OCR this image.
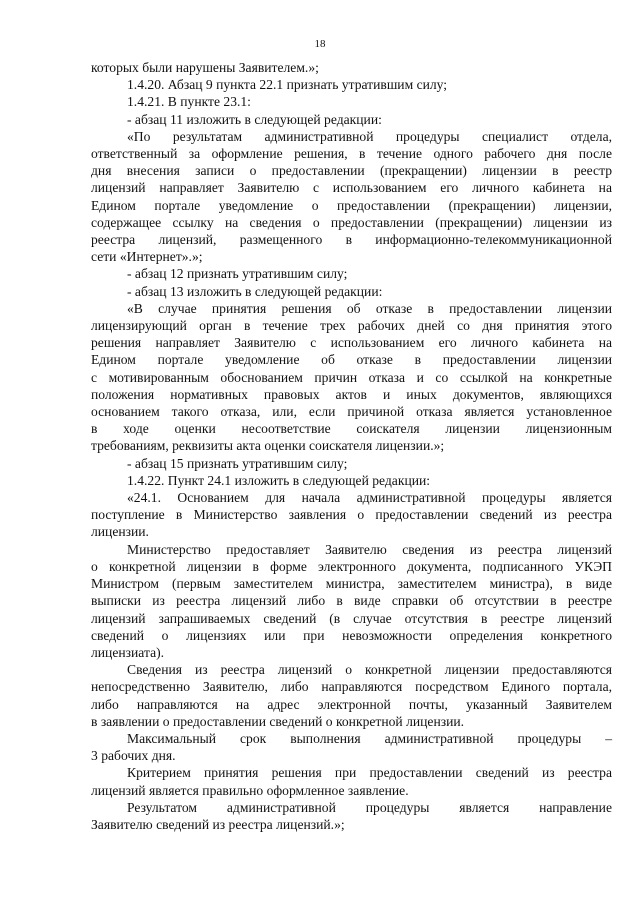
18

которых были нарушены Заявителем.»;

1.4.20. Абзац 9 пункта 22.1 признать утратившим силу;

1.4.21. В пункте 23.1:

- абзац 11 изложить в следующей редакции:

«По результатам административной процедуры специалист отдела,
ответственный за оформление решения, в течение одного рабочего дня после
дня внесения записи о предоставлении (прекращении) лицензии в реестр
лицензий направляет Заявителю с использованием его личного кабинета на
Едином портале уведомление о предоставлении (прекращении) лицензии,
содержащее ссылку на сведения о предоставлении (прекращении) лицензии из
реестра лицензий, размещенного в информационно-телекоммуникационной
сети «Интернет».»;

- абзац 12 признать утратившим силу;

- абзац 13 изложить в следующей редакции:

«В случае принятия решения об отказе в предоставлении лицензии
лицензирующий орган в течение трех рабочих дней со дня принятия этого
решения направляет Заявителю с использованием его личного кабинета на
Едином портале уведомление об отказе в предоставлении лицензии
с мотивированным обоснованием причин отказа и со ссылкой на конкретные
положения нормативных правовых актов и иных документов, являющихся
основанием такого отказа, или, если причиной отказа является установленное
в ходе оценки несоответствие соискателя лицензии лицензионным
требованиям, реквизиты акта оценки соискателя лицензии.»;

- абзац 15 признать утратившим силу;

1.4.22. Пункт 24.1 изложить в следующей редакции:

«24.1. Основанием для начала административной процедуры является
поступление в Министерство заявления о предоставлении сведений из реестра
лицензии.

Министерство предоставляет Заявителю сведения из реестра лицензий
о конкретной лицензии в форме электронного документа, подписанного УКЭП
Министром (первым заместителем министра, заместителем министра), в виде
выписки из реестра лицензий либо в виде справки об отсутствии в реестре
лицензий запрашиваемых сведений (в случае отсутствия в реестре лицензий
сведений о лицензиях или при невозможности определения конкретного
лицензиата).

Сведения из реестра лицензий о конкретной лицензии предоставляются
непосредственно Заявителю, либо направляются посредством Единого портала,
либо направляются на адрес электронной почты, указанный Заявителем
в заявлении о предоставлении сведений о конкретной лицензии.

Максимальный срок выполнения административной процедуры –
3 рабочих дня.

Критерием принятия решения при предоставлении сведений из реестра
лицензий является правильно оформленное заявление.

Результатом административной процедуры является направление
Заявителю сведений из реестра лицензий.»;
